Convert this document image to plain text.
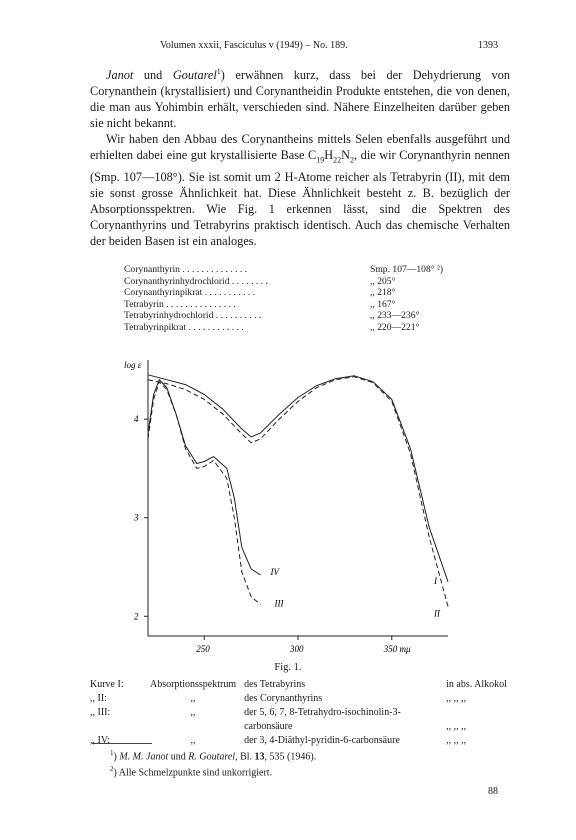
Volumen xxxii, Fasciculus v (1949) – No. 189.	1393

Janot und Goutarel$^1$) erwähnen kurz, dass bei der Dehydrierung von Corynanthein (krystallisiert) und Corynantheidin Produkte entstehen, die von denen, die man aus Yohimbin erhält, verschieden sind. Nähere Einzelheiten darüber geben sie nicht bekannt.

Wir haben den Abbau des Corynantheins mittels Selen ebenfalls ausgeführt und erhielten dabei eine gut krystallisierte Base $C_{19}H_{22}N_2$, die wir Corynanthyrin nennen (Smp. 107—108°). Sie ist somit um 2 H-Atome reicher als Tetrabyrin (II), mit dem sie sonst grosse Ähnlichkeit hat. Diese Ähnlichkeit besteht z. B. bezüglich der Absorptionsspektren. Wie Fig. 1 erkennen lässt, sind die Spektren des Corynanthyrins und Tetrabyrins praktisch identisch. Auch das chemische Verhalten der beiden Basen ist ein analoges.

Corynanthyrin . . . . . . . . . . . . . .	Smp. 107—108° ²)
Corynanthyrinhydrochlorid . . . . . . . .	,, 205°
Corynanthyrinpikrat . . . . . . . . . . .	,, 218°
Tetrabyrin . . . . . . . . . . . . . . .	,, 167°
Tetrabyrinhydrochlorid . . . . . . . . . .	,, 233—236°
Tetrabyrinpikrat . . . . . . . . . . . .	,, 220—221°
log ε
250	300	350 mμ
2
3
4
I
II
III
IV
Fig. 1.
Kurve I:	Absorptionsspektrum	des Tetrabyrins	in abs. Alkokol
,, II:	,,	des Corynanthyrins	,, ,, ,,
,, III:	,,	der 5, 6, 7, 8-Tetrahydro-isochinolin-3-	
		carbonsäure	,, ,, ,,
,, IV:	,,	der 3, 4-Diäthyl-pyridin-6-carbonsäure	,, ,, ,,
$^1$) M. M. Janot und R. Goutarel, Bl. 13, 535 (1946).
$^2$) Alle Schmelzpunkte sind unkorrigiert.
88
